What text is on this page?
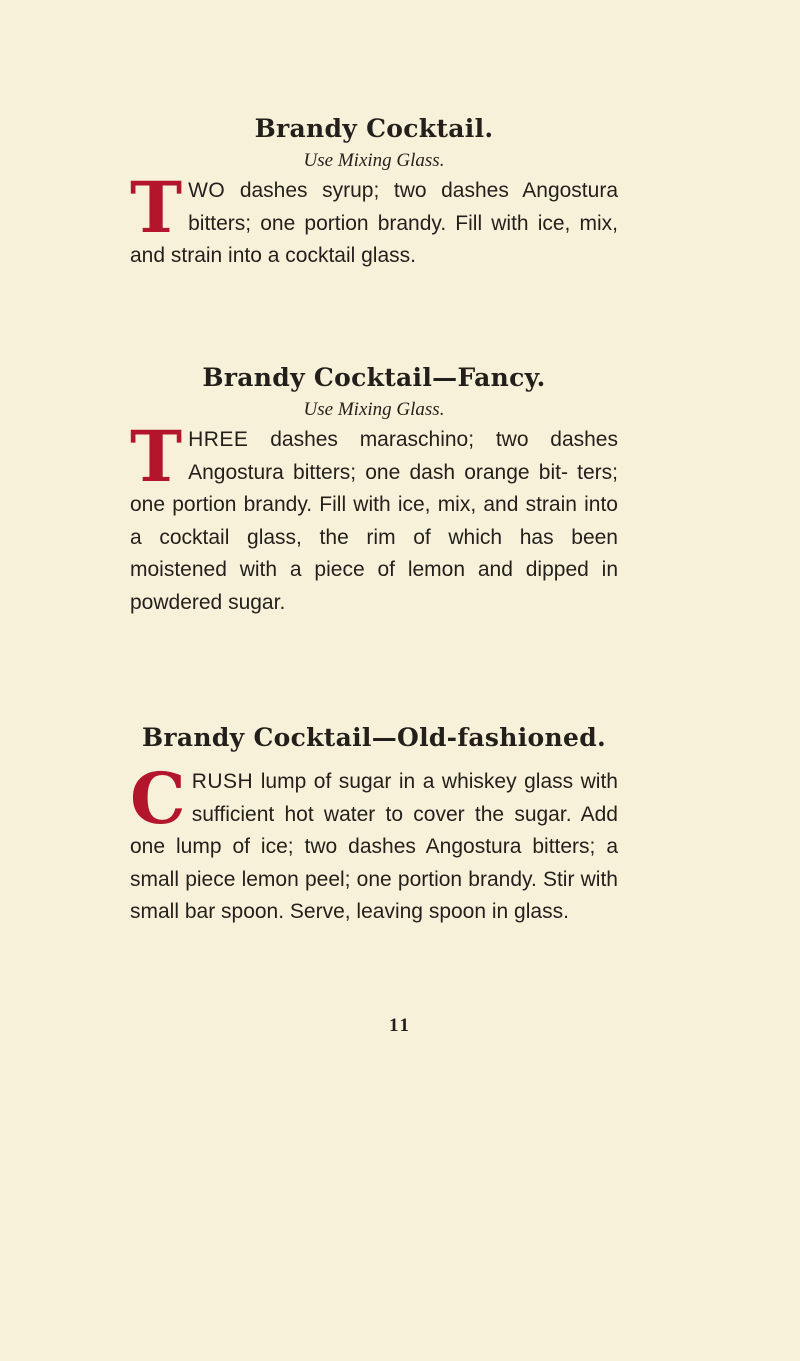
Brandy Cocktail.

Use Mixing Glass.

TWO dashes syrup; two dashes Angostura bitters; one portion brandy. Fill with ice, mix, and strain into a cocktail glass.

Brandy Cocktail—Fancy.

Use Mixing Glass.

THREE dashes maraschino; two dashes Angostura bitters; one dash orange bit- ters; one portion brandy. Fill with ice, mix, and strain into a cocktail glass, the rim of which has been moistened with a piece of lemon and dipped in powdered sugar.

Brandy Cocktail—Old-fashioned.

CRUSH lump of sugar in a whiskey glass with sufficient hot water to cover the sugar. Add one lump of ice; two dashes Angostura bitters; a small piece lemon peel; one portion brandy. Stir with small bar spoon. Serve, leaving spoon in glass.

11
